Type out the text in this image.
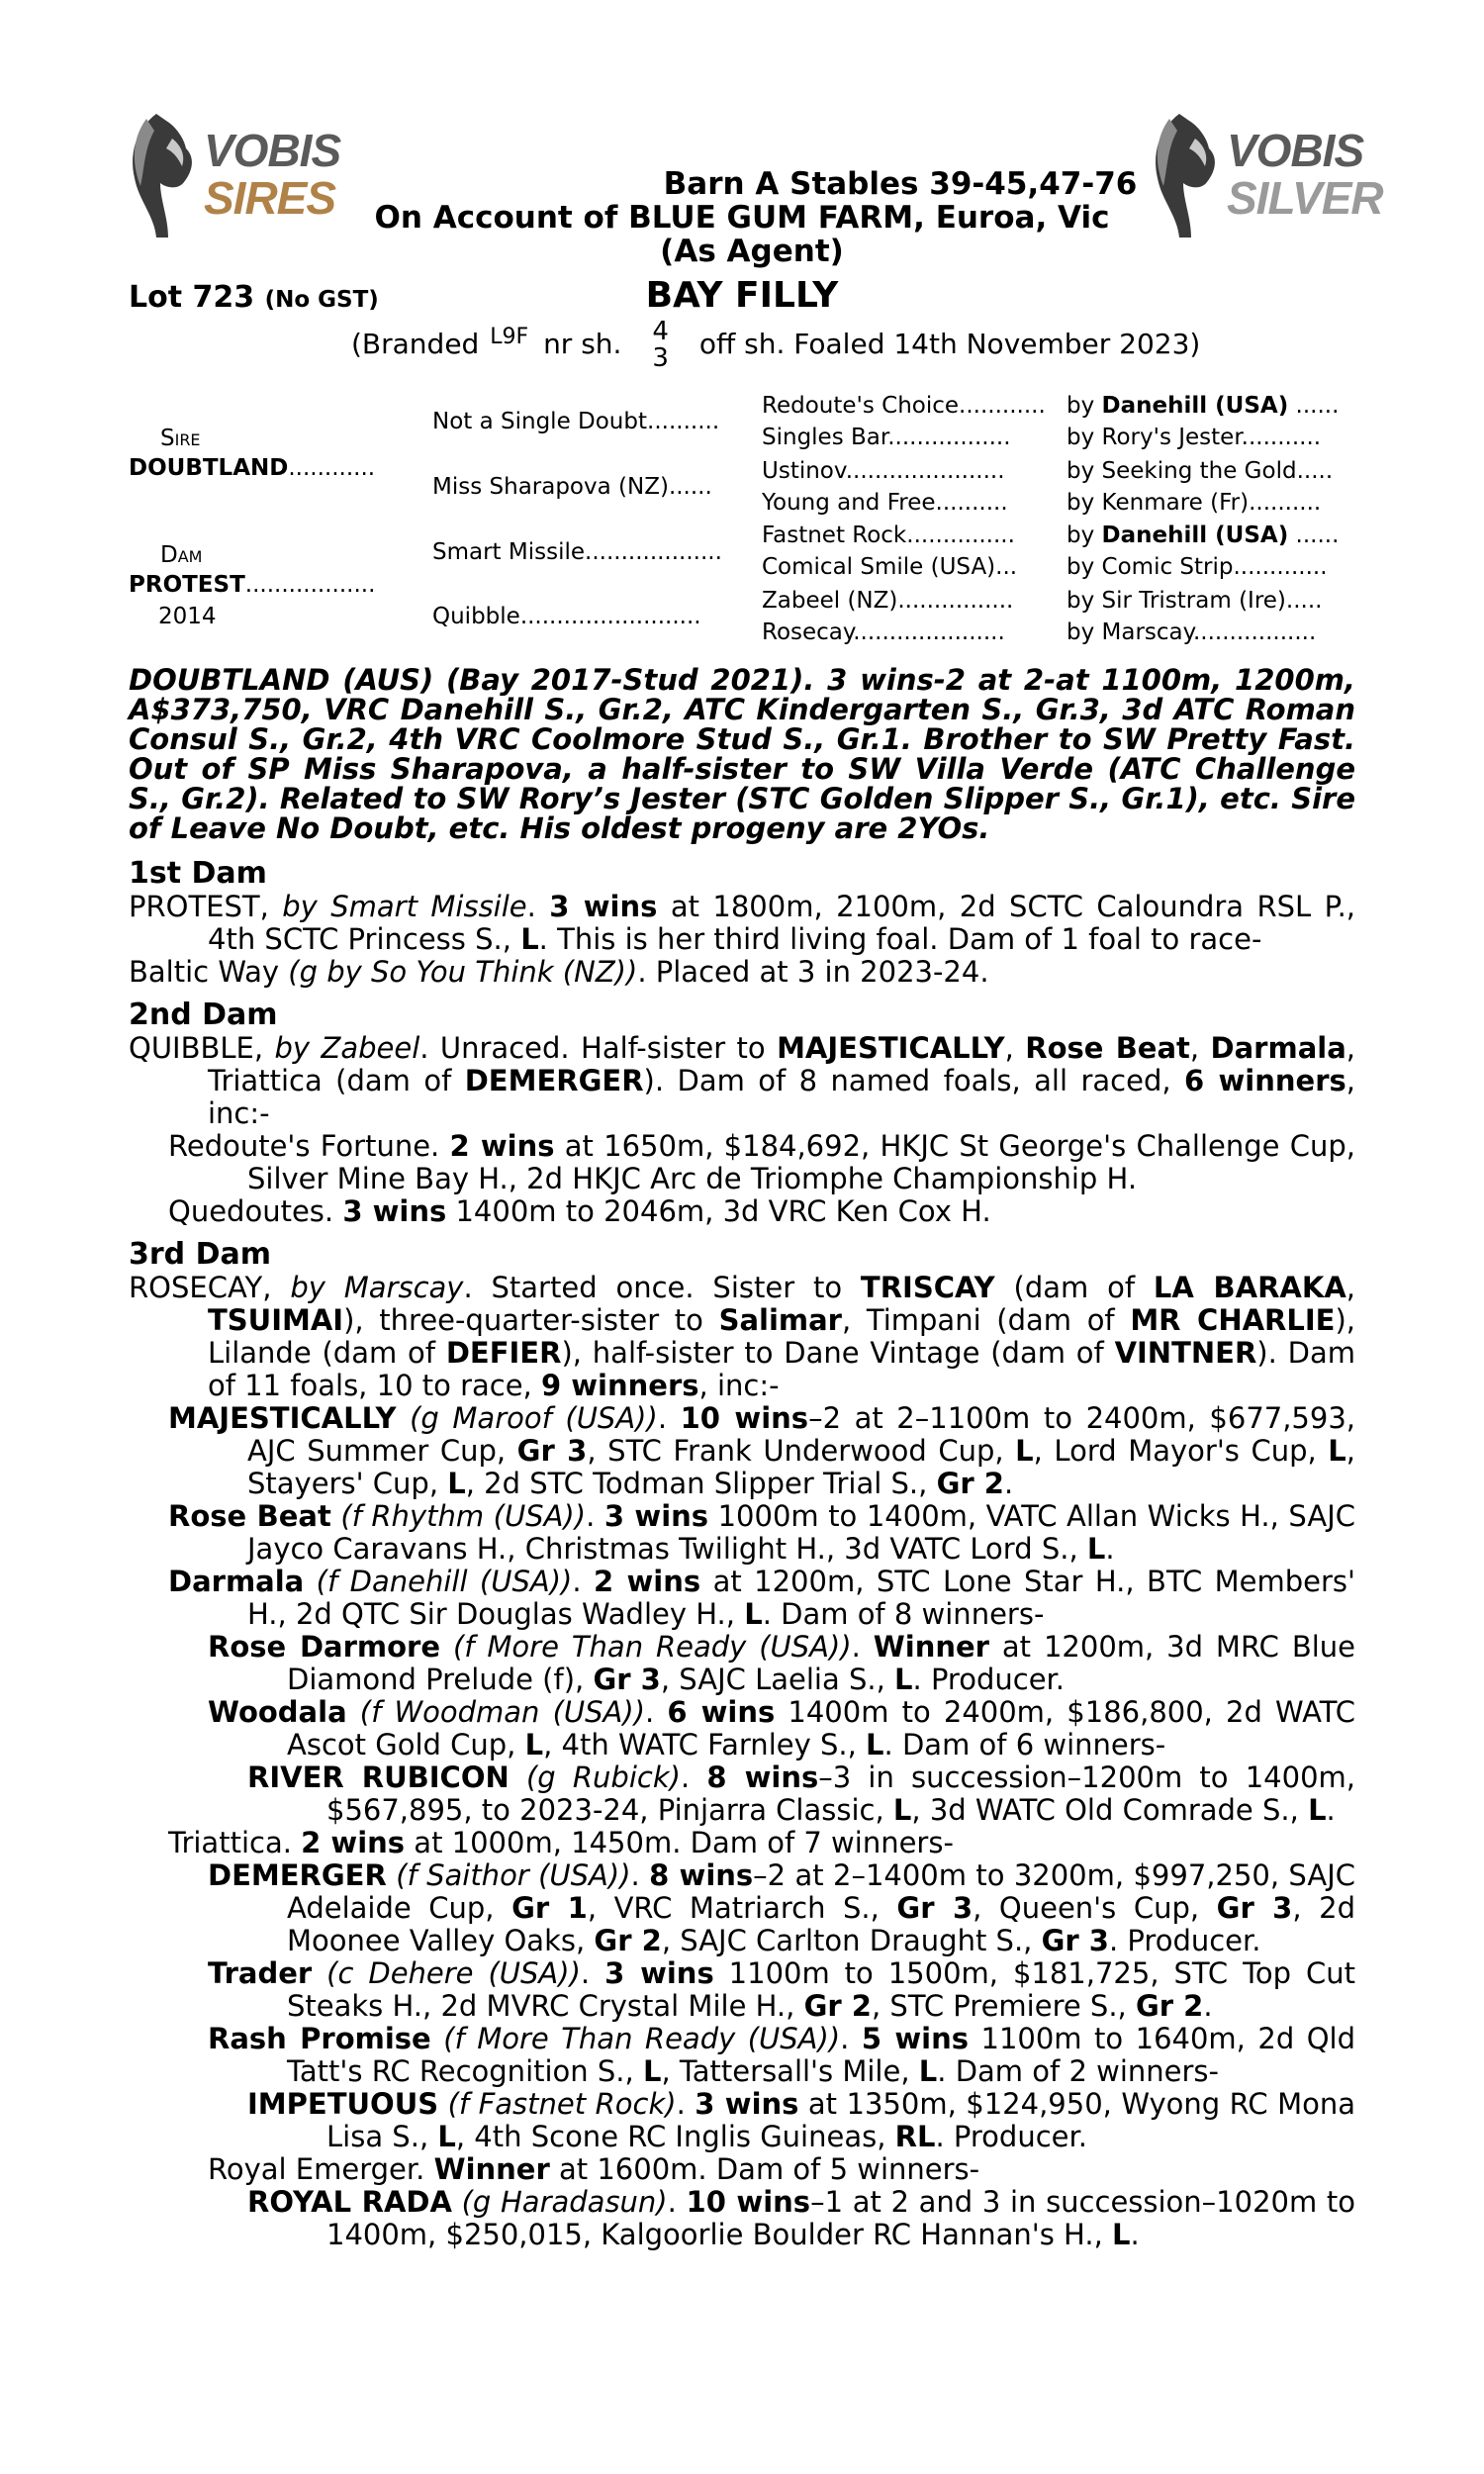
VOBIS
SIRES
VOBIS
SILVER
Barn A Stables 39-45,47-76
On Account of BLUE GUM FARM, Euroa, Vic
(As Agent)
Lot 723 (No GST)	BAY FILLY
(Branded $^{L9F}$ nr sh. 4
3 off sh. Foaled 14th November 2023)
Sire
DOUBTLAND............
Dam
PROTEST..................
2014
Not a Single Doubt..........
Miss Sharapova (NZ)......
Smart Missile...................
Quibble.........................
Redoute's Choice............
Singles Bar.................
Ustinov......................
Young and Free..........
Fastnet Rock...............
Comical Smile (USA)...
Zabeel (NZ)................
Rosecay.....................
by Danehill (USA) ......
by Rory's Jester...........
by Seeking the Gold.....
by Kenmare (Fr)..........
by Danehill (USA) ......
by Comic Strip.............
by Sir Tristram (Ire).....
by Marscay.................

DOUBTLAND (AUS) (Bay 2017-Stud 2021). 3 wins-2 at 2-at 1100m, 1200m, A$373,750, VRC Danehill S., Gr.2, ATC Kindergarten S., Gr.3, 3d ATC Roman Consul S., Gr.2, 4th VRC Coolmore Stud S., Gr.1. Brother to SW Pretty Fast. Out of SP Miss Sharapova, a half-sister to SW Villa Verde (ATC Challenge S., Gr.2). Related to SW Rory’s Jester (STC Golden Slipper S., Gr.1), etc. Sire of Leave No Doubt, etc. His oldest progeny are 2YOs.

1st Dam

PROTEST, by Smart Missile. 3 wins at 1800m, 2100m, 2d SCTC Caloundra RSL P., 4th SCTC Princess S., L. This is her third living foal. Dam of 1 foal to race-

Baltic Way (g by So You Think (NZ)). Placed at 3 in 2023-24.

2nd Dam

QUIBBLE, by Zabeel. Unraced. Half-sister to MAJESTICALLY, Rose Beat, Darmala, Triattica (dam of DEMERGER). Dam of 8 named foals, all raced, 6 winners, inc:-

Redoute's Fortune. 2 wins at 1650m, $184,692, HKJC St George's Challenge Cup, Silver Mine Bay H., 2d HKJC Arc de Triomphe Championship H.

Quedoutes. 3 wins 1400m to 2046m, 3d VRC Ken Cox H.

3rd Dam

ROSECAY, by Marscay. Started once. Sister to TRISCAY (dam of LA BARAKA, TSUIMAI), three-quarter-sister to Salimar, Timpani (dam of MR CHARLIE), Lilande (dam of DEFIER), half-sister to Dane Vintage (dam of VINTNER). Dam of 11 foals, 10 to race, 9 winners, inc:-

MAJESTICALLY (g Maroof (USA)). 10 wins–2 at 2–1100m to 2400m, $677,593, AJC Summer Cup, Gr 3, STC Frank Underwood Cup, L, Lord Mayor's Cup, L, Stayers' Cup, L, 2d STC Todman Slipper Trial S., Gr 2.

Rose Beat (f Rhythm (USA)). 3 wins 1000m to 1400m, VATC Allan Wicks H., SAJC Jayco Caravans H., Christmas Twilight H., 3d VATC Lord S., L.

Darmala (f Danehill (USA)). 2 wins at 1200m, STC Lone Star H., BTC Members' H., 2d QTC Sir Douglas Wadley H., L. Dam of 8 winners-

Rose Darmore (f More Than Ready (USA)). Winner at 1200m, 3d MRC Blue Diamond Prelude (f), Gr 3, SAJC Laelia S., L. Producer.

Woodala (f Woodman (USA)). 6 wins 1400m to 2400m, $186,800, 2d WATC Ascot Gold Cup, L, 4th WATC Farnley S., L. Dam of 6 winners-

RIVER RUBICON (g Rubick). 8 wins–3 in succession–1200m to 1400m, $567,895, to 2023-24, Pinjarra Classic, L, 3d WATC Old Comrade S., L.

Triattica. 2 wins at 1000m, 1450m. Dam of 7 winners-

DEMERGER (f Saithor (USA)). 8 wins–2 at 2–1400m to 3200m, $997,250, SAJC Adelaide Cup, Gr 1, VRC Matriarch S., Gr 3, Queen's Cup, Gr 3, 2d Moonee Valley Oaks, Gr 2, SAJC Carlton Draught S., Gr 3. Producer.

Trader (c Dehere (USA)). 3 wins 1100m to 1500m, $181,725, STC Top Cut Steaks H., 2d MVRC Crystal Mile H., Gr 2, STC Premiere S., Gr 2.

Rash Promise (f More Than Ready (USA)). 5 wins 1100m to 1640m, 2d Qld Tatt's RC Recognition S., L, Tattersall's Mile, L. Dam of 2 winners-

IMPETUOUS (f Fastnet Rock). 3 wins at 1350m, $124,950, Wyong RC Mona Lisa S., L, 4th Scone RC Inglis Guineas, RL. Producer.

Royal Emerger. Winner at 1600m. Dam of 5 winners-

ROYAL RADA (g Haradasun). 10 wins–1 at 2 and 3 in succession–1020m to 1400m, $250,015, Kalgoorlie Boulder RC Hannan's H., L.
